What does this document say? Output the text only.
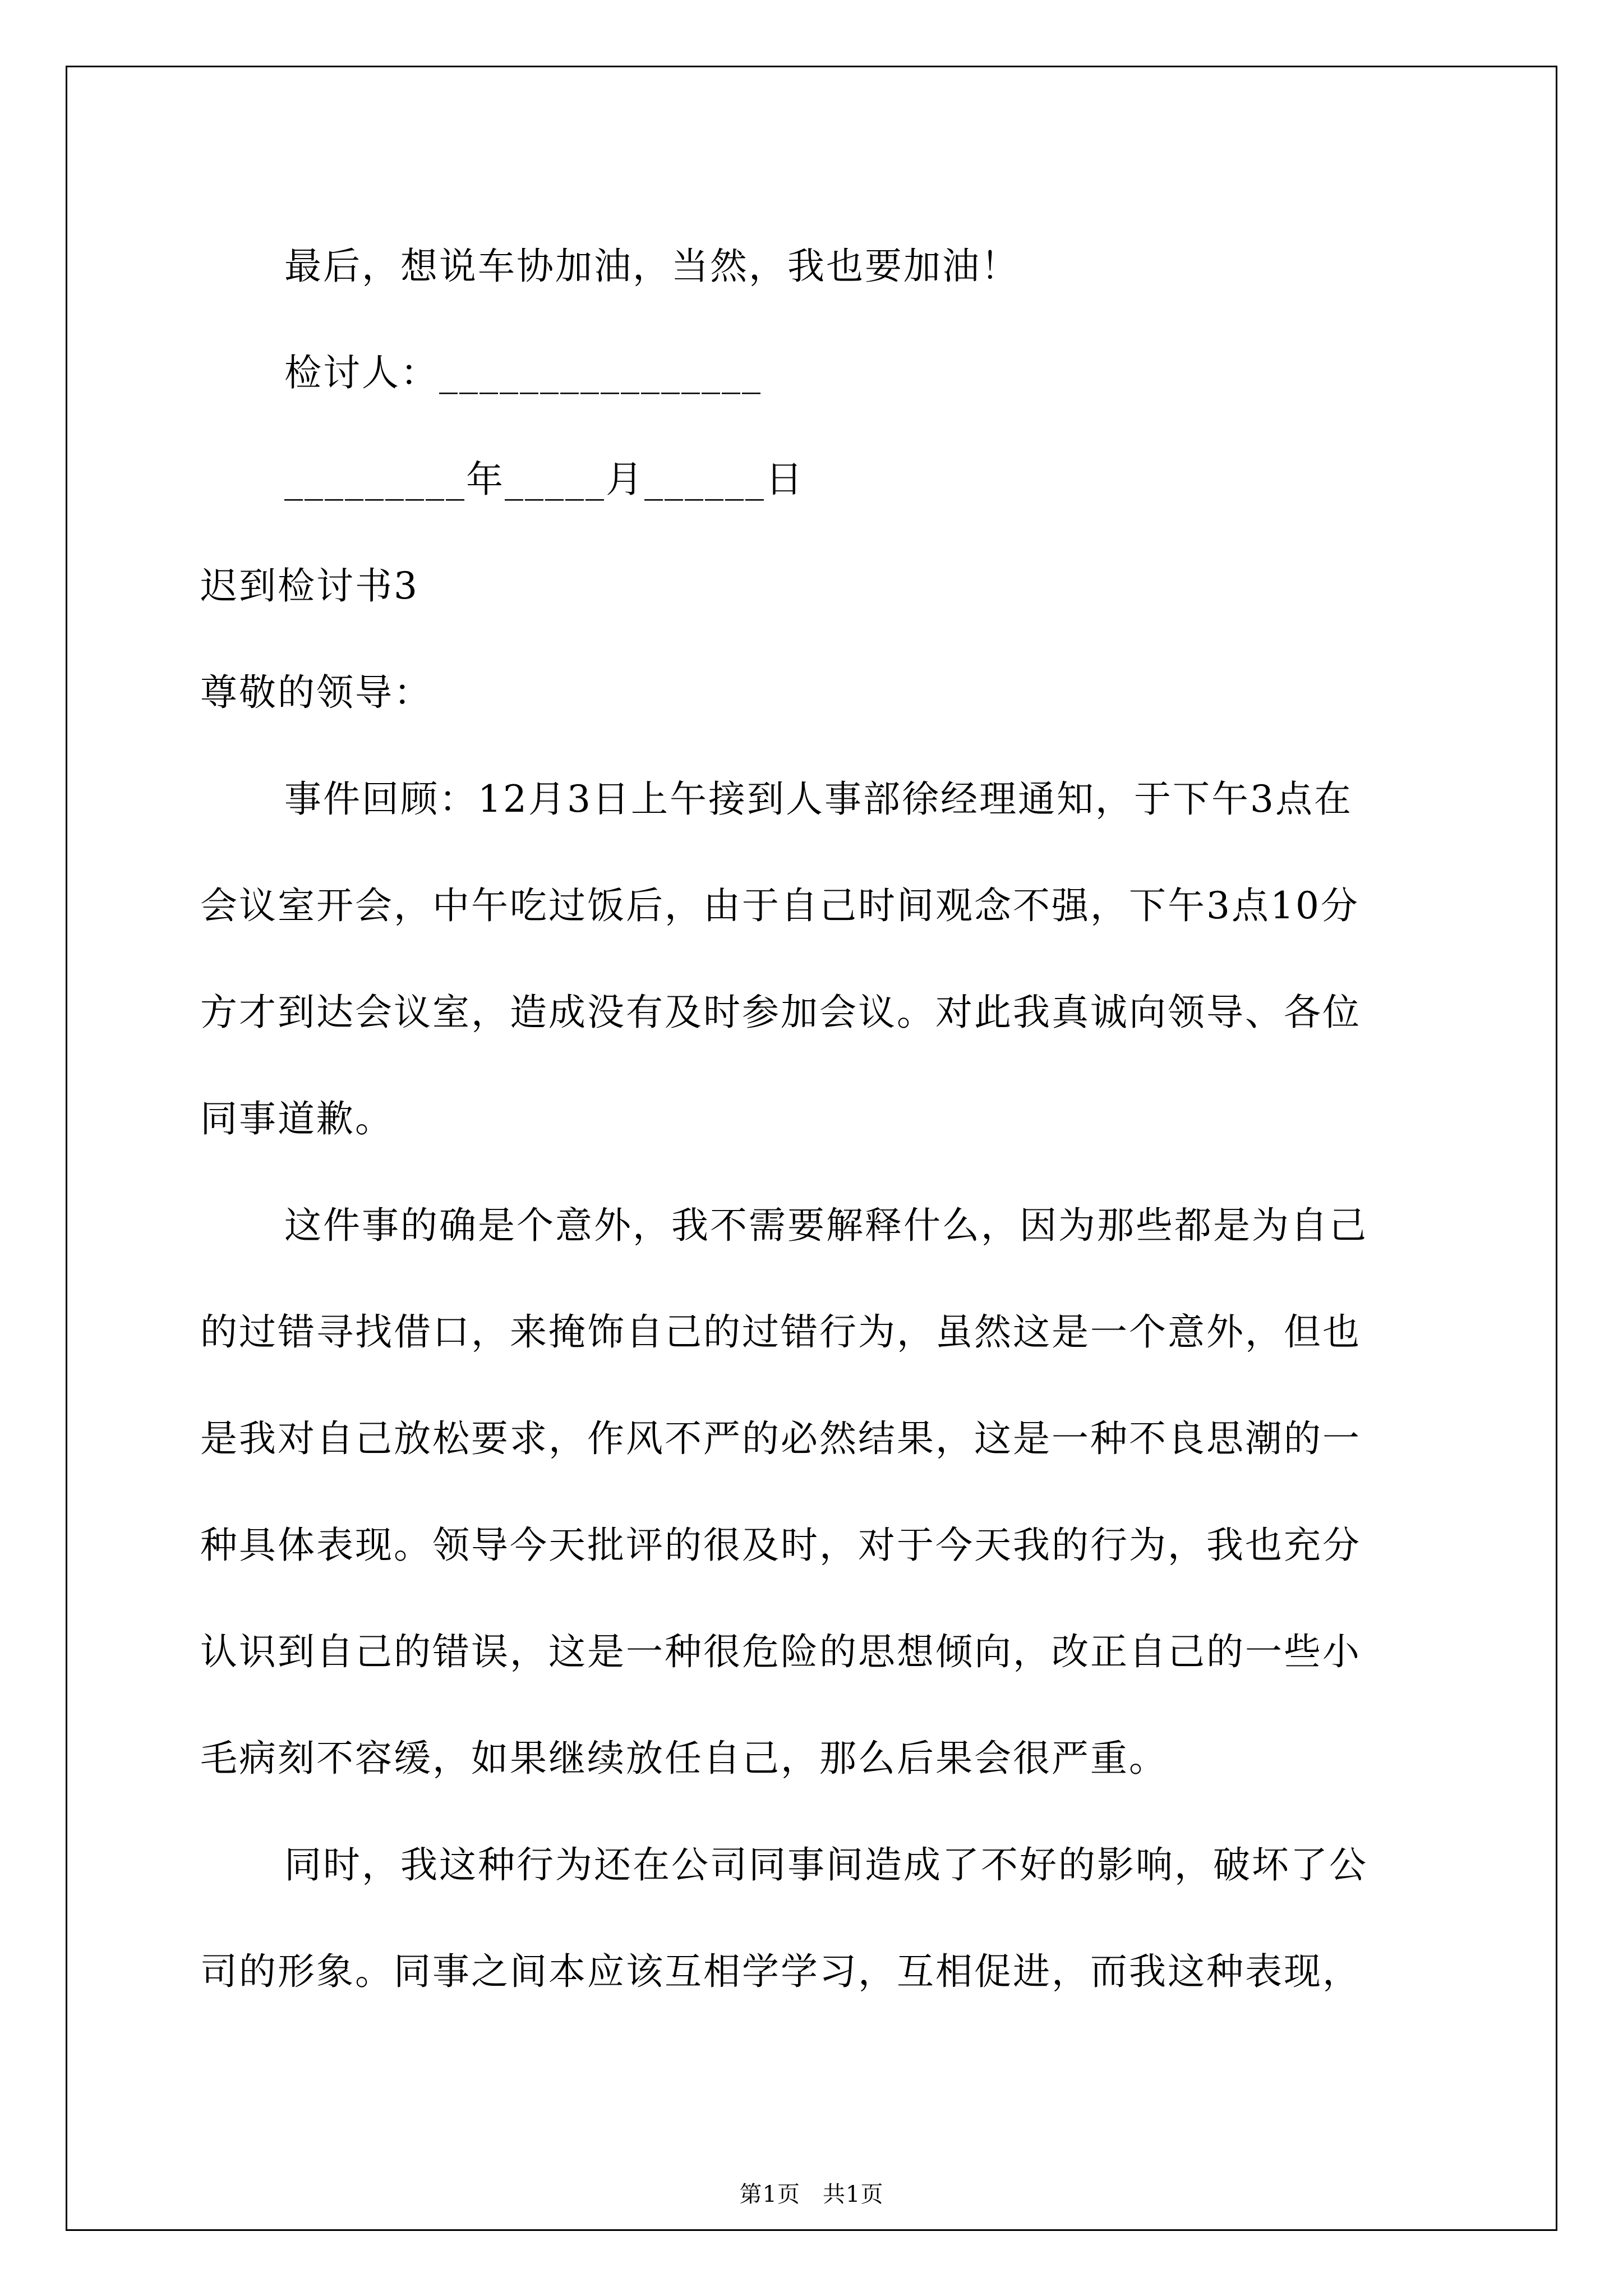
最后，想说车协加油，当然，我也要加油！
检讨人：________________
_________年_____月______日
迟到检讨书3
尊敬的领导：
事件回顾：12月3日上午接到人事部徐经理通知，于下午3点在
会议室开会，中午吃过饭后，由于自己时间观念不强，下午3点10分
方才到达会议室，造成没有及时参加会议。对此我真诚向领导、各位
同事道歉。
这件事的确是个意外，我不需要解释什么，因为那些都是为自己
的过错寻找借口，来掩饰自己的过错行为，虽然这是一个意外，但也
是我对自己放松要求，作风不严的必然结果，这是一种不良思潮的一
种具体表现。领导今天批评的很及时，对于今天我的行为，我也充分
认识到自己的错误，这是一种很危险的思想倾向，改正自己的一些小
毛病刻不容缓，如果继续放任自己，那么后果会很严重。
同时，我这种行为还在公司同事间造成了不好的影响，破坏了公
司的形象。同事之间本应该互相学学习，互相促进，而我这种表现，
第1页 共1页
